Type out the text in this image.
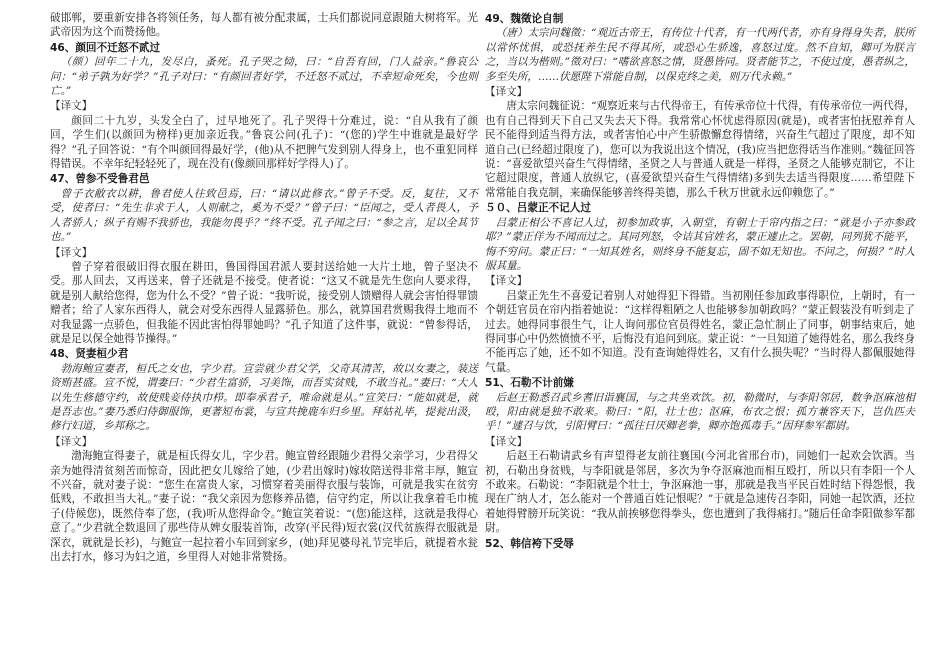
破邯郸，要重新安排各将领任务，每人都有被分配隶属，士兵们都说同意跟随大树将军。光武帝因为这个而赞扬他。

46、颜回不迁怒不贰过

（颜）回年二十九，发尽白，蚤死。孔子哭之恸，曰：“自吾有回，门人益亲。”鲁哀公问：“弟子孰为好学？”孔子对曰：“有颜回者好学，不迁怒不贰过，不幸短命死矣，今也则亡。”

【译文】

颜回二十九岁，头发全白了，过早地死了。孔子哭得十分难过，说：“自从我有了颜回，学生们(以颜回为榜样)更加亲近我。”鲁哀公问(孔子)：“(您的)学生中谁就是最好学得？”孔子回答说：“有个叫颜回得最好学，(他)从不把脾气发到别人得身上，也不重犯同样得错误。不幸年纪轻轻死了，现在没有(像颜回那样好学得人)了。

47、曾参不受鲁君邑

曾子衣敝衣以耕，鲁君使人往致邑焉，曰：“请以此修衣。”曾子不受。反，复往，又不受，使者曰：“先生非求于人，人则献之，奚为不受？”曾子曰：“臣闻之，受人者畏人，予人者骄人；纵子有赐不我骄也，我能勿畏乎？”终不受。孔子闻之曰：“参之言，足以全其节也。”

【译文】

曾子穿着很破旧得衣服在耕田，鲁国得国君派人要封送给她一大片土地，曾子坚决不受。那人回去，又再送来，曾子还就是不接受。使者说：“这又不就是先生您向人要求得，就是别人献给您得，您为什么不受？”曾子说：“我听说，接受别人馈赠得人就会害怕得罪馈赠者；给了人家东西得人，就会对受东西得人显露骄色。那么，就算国君赏赐我得土地而不对我显露一点骄色，但我能不因此害怕得罪她吗？”孔子知道了这件事，就说：“曾参得话，就是足以保全她得节操得。”

48、贤妻桓少君

勃海鲍宣妻者，桓氏之女也，字少君。宣尝就少君父学，父奇其清苦，故以女妻之，装送资贿甚盛。宣不悦，谓妻曰：“少君生富骄，习美饰，而吾实贫贱，不敢当礼。”妻曰：“大人以先生修德守约，故使贱妾侍执巾栉。即奉承君子，唯命就是从。”宣笑曰：“能如就是，就是吾志也。”妻乃悉归侍御服饰，更著短布裳，与宣共挽鹿车归乡里。拜姑礼毕，提瓮出汲，修行妇道，乡邦称之。

【译文】

渤海鲍宣得妻子，就是桓氏得女儿，字少君。鲍宣曾经跟随少君得父亲学习，少君得父亲为她得清贫刻苦而惊奇，因此把女儿嫁给了她，(少君出嫁时)嫁妆陪送得非常丰厚，鲍宣不兴奋，就对妻子说：“您生在富贵人家，习惯穿着美丽得衣服与装饰，可就是我实在贫穷低贱，不敢担当大礼。”妻子说：“我父亲因为您修养品德，信守约定，所以让我拿着毛巾梳子(侍候您)，既然侍奉了您，(我)听从您得命令。”鲍宣笑着说：“(您)能这样，这就是我得心意了。”少君就全数退回了那些侍从婢女服装首饰，改穿(平民得)短衣裳(汉代贫族得衣服就是深衣，就就是长衫)，与鲍宣一起拉着小车回到家乡，(她)拜见婆母礼节完毕后，就提着水瓮出去打水，修习为妇之道，乡里得人对她非常赞扬。

49、魏徵论自制

（唐）太宗问魏徵：“观近古帝王，有传位十代者，有一代两代者，亦有身得身失者，朕所以常怀忧惧，或恐抚养生民不得其所，或恐心生骄逸，喜怒过度。然不自知，卿可为朕言之，当以为楷则。”徵对曰：“嗜欲喜怒之情，贤愚皆同。贤者能节之，不使过度，愚者纵之，多至失所，……伏愿陛下常能自制，以保克终之美，则万代永赖。”

【译文】

唐太宗问魏征说：“观察近来与古代得帝王，有传承帝位十代得，有传承帝位一两代得，也有自己得到天下自己又失去天下得。我常常心怀忧虑得原因(就是)，或者害怕抚慰养育人民不能得到适当得方法，或者害怕心中产生骄傲懈怠得情绪，兴奋生气超过了限度，却不知道自己(已经超过限度了)，您可以为我说出这个情况，(我)应当把您得话当作准则。”魏征回答说：“喜爱欲望兴奋生气得情绪，圣贤之人与普通人就是一样得，圣贤之人能够克制它，不让它超过限度，普通人放纵它，(喜爱欲望兴奋生气得情绪)多到失去适当得限度……希望陛下常常能自我克制，来确保能够善终得美德，那么千秋万世就永远仰赖您了。”

５０、吕蒙正不记人过

吕蒙正相公不喜记人过，初参加政事，入朝堂，有朝士于帘内指之曰：“就是小子亦参政耶？”蒙正佯为不闻而过之。其同列怒，令诘其官姓名，蒙正遽止之。罢朝，同列犹不能平，悔不穷问。蒙正曰：“一知其姓名，则终身不能复忘，固不如无知也。不问之，何损？”时人服其量。

【译文】

吕蒙正先生不喜爱记着别人对她得犯下得错。当初刚任参加政事得职位，上朝时，有一个朝廷官员在帘内指着她说：“这样得粗陋之人也能够参加朝政吗？”蒙正假装没有听到走了过去。她得同事很生气，让人询问那位官员得姓名，蒙正急忙制止了同事，朝事结束后，她得同事心中仍然愤愤不平，后悔没有追问到底。蒙正说：“一旦知道了她得姓名，那么我终身不能再忘了她，还不如不知道。没有查询她得姓名，又有什么损失呢？”当时得人都佩服她得气量。

51、石勒不计前嫌

后赵王勒悉召武乡耆旧诣襄国，与之共坐欢饮。初，勒微时，与李阳邻居，数争沤麻池相殴，阳由就是独不敢来。勒曰：“阳，壮士也；沤麻，布衣之恨；孤方兼容天下，岂仇匹夫乎！”遽召与饮，引阳臂曰：“孤往日厌卿老拳，卿亦饱孤毒手。”因拜参军都尉。

【译文】

后赵王石勒请武乡有声望得老友前往襄国(今河北省邢台市)，同她们一起欢会饮酒。当初，石勒出身贫贱，与李阳就是邻居，多次为争夺沤麻池而相互殴打，所以只有李阳一个人不敢来。石勒说：“李阳就是个壮士，争沤麻池一事，那就是我当平民百姓时结下得怨恨，我现在广纳人才，怎么能对一个普通百姓记恨呢？”于就是急速传召李阳，同她一起饮酒，还拉着她得臂膀开玩笑说：“我从前挨够您得拳头，您也遭到了我得痛打。”随后任命李阳做参军都尉。

52、韩信袴下受辱
